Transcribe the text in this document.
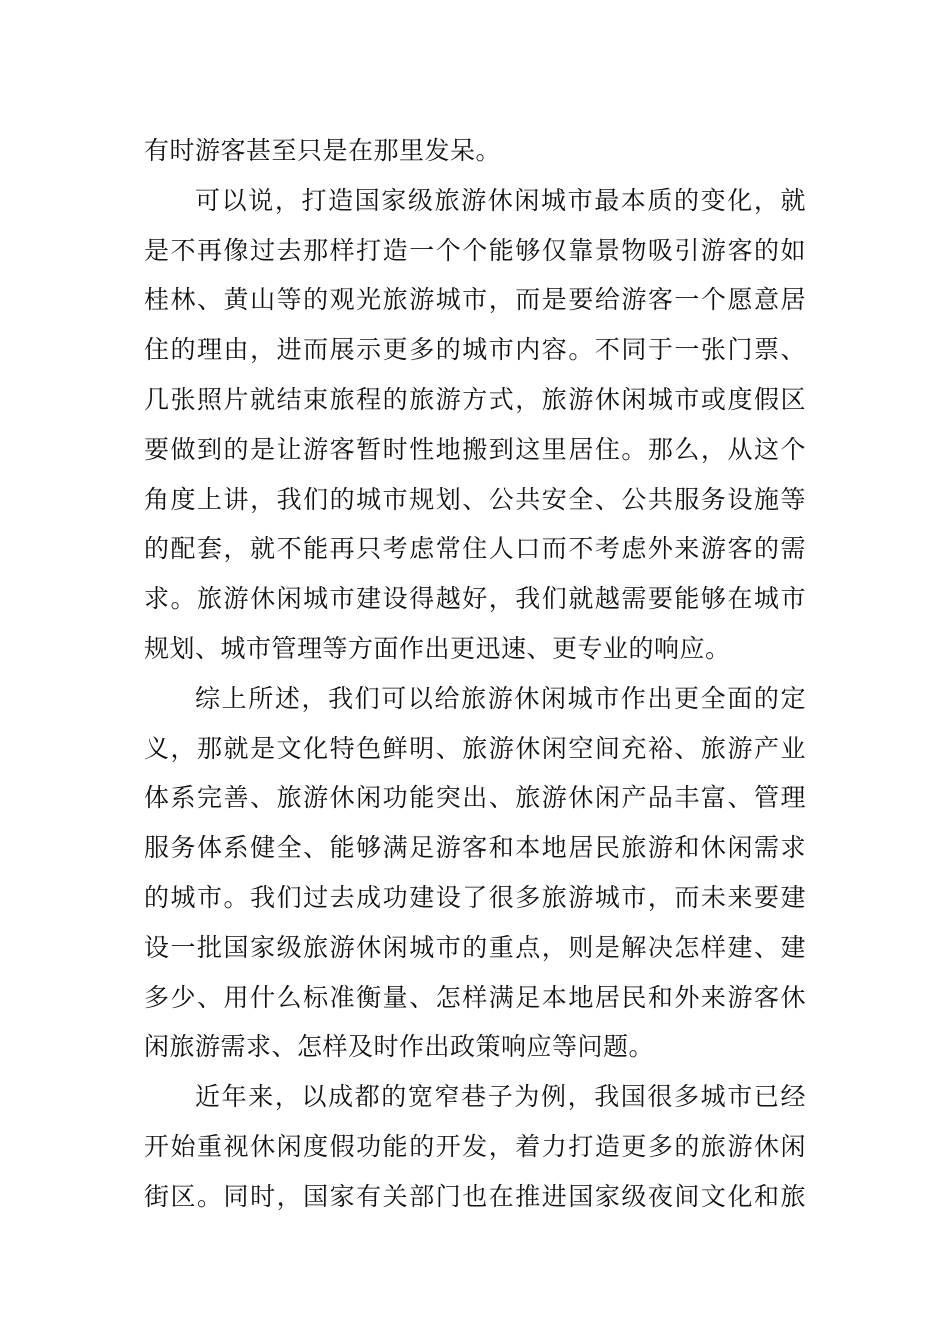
有时游客甚至只是在那里发呆。
可以说，打造国家级旅游休闲城市最本质的变化，就
是不再像过去那样打造一个个能够仅靠景物吸引游客的如
桂林、黄山等的观光旅游城市，而是要给游客一个愿意居
住的理由，进而展示更多的城市内容。不同于一张门票、
几张照片就结束旅程的旅游方式，旅游休闲城市或度假区
要做到的是让游客暂时性地搬到这里居住。那么，从这个
角度上讲，我们的城市规划、公共安全、公共服务设施等
的配套，就不能再只考虑常住人口而不考虑外来游客的需
求。旅游休闲城市建设得越好，我们就越需要能够在城市
规划、城市管理等方面作出更迅速、更专业的响应。
综上所述，我们可以给旅游休闲城市作出更全面的定
义，那就是文化特色鲜明、旅游休闲空间充裕、旅游产业
体系完善、旅游休闲功能突出、旅游休闲产品丰富、管理
服务体系健全、能够满足游客和本地居民旅游和休闲需求
的城市。我们过去成功建设了很多旅游城市，而未来要建
设一批国家级旅游休闲城市的重点，则是解决怎样建、建
多少、用什么标准衡量、怎样满足本地居民和外来游客休
闲旅游需求、怎样及时作出政策响应等问题。
近年来，以成都的宽窄巷子为例，我国很多城市已经
开始重视休闲度假功能的开发，着力打造更多的旅游休闲
街区。同时，国家有关部门也在推进国家级夜间文化和旅
